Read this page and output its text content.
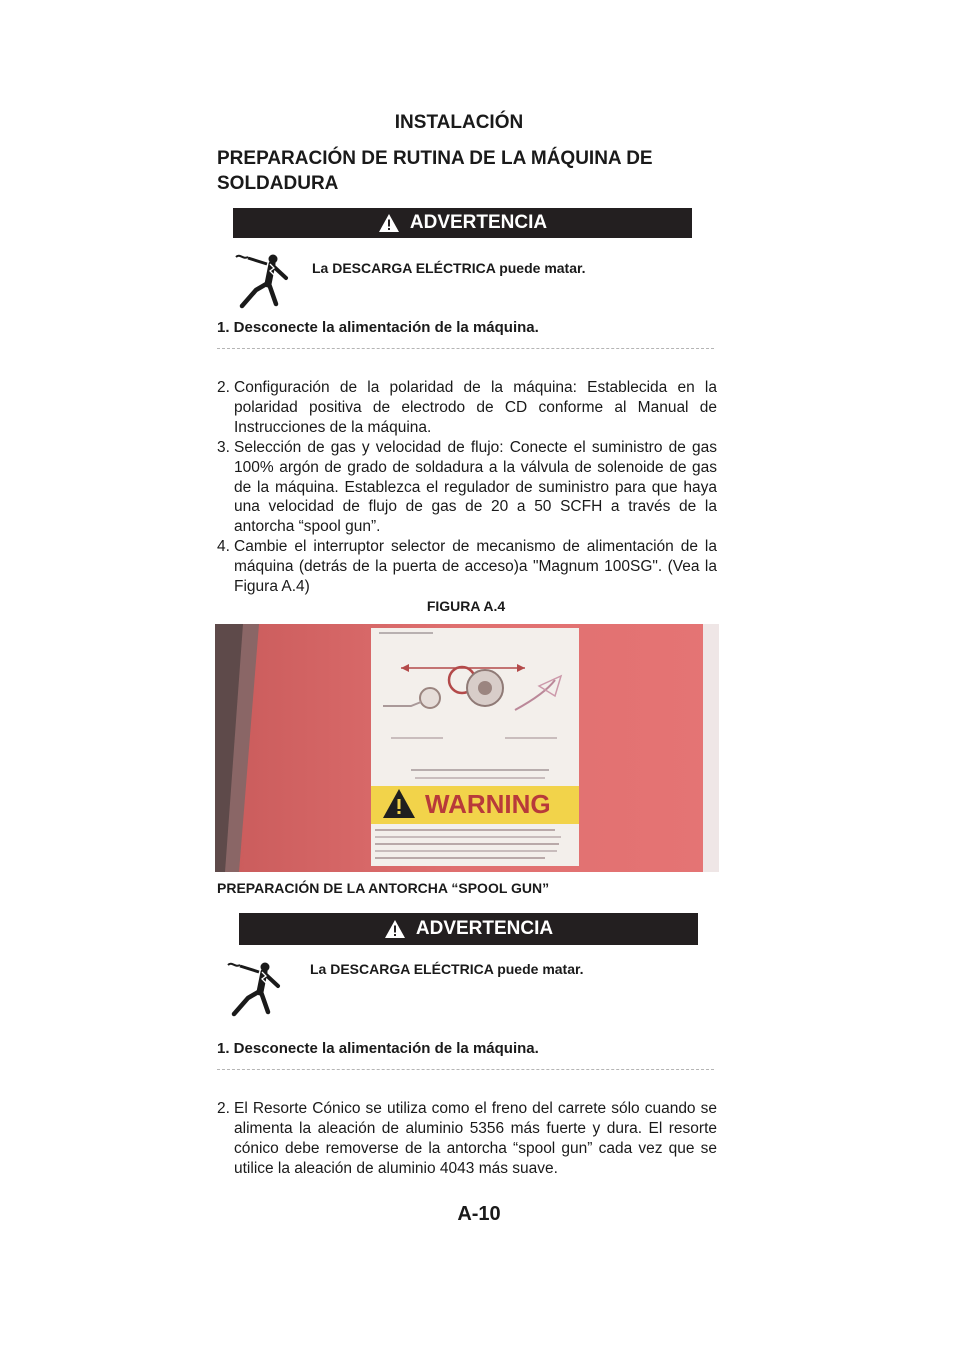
INSTALACIÓN
PREPARACIÓN DE RUTINA DE LA MÁQUINA DE SOLDADURA
ADVERTENCIA
La DESCARGA ELÉCTRICA puede matar.
1. Desconecte la alimentación de la máquina.
2. Configuración de la polaridad de la máquina: Establecida en la polaridad positiva de electrodo de CD conforme al Manual de Instrucciones de la máquina.
3. Selección de gas y velocidad de flujo: Conecte el suministro de gas 100% argón de grado de soldadura a la válvula de solenoide de gas de la máquina. Establezca el regulador de suministro para que haya una velocidad de flujo de gas de 20 a 50 SCFH a través de la antorcha “spool gun”.
4. Cambie el interruptor selector de mecanismo de alimentación de la máquina (detrás de la puerta de acceso)a "Magnum 100SG". (Vea la Figura A.4)
FIGURA A.4
WARNING
PREPARACIÓN DE LA ANTORCHA “SPOOL GUN”
ADVERTENCIA
La DESCARGA ELÉCTRICA puede matar.
1. Desconecte la alimentación de la máquina.
2. El Resorte Cónico se utiliza como el freno del carrete sólo cuando se alimenta la aleación de aluminio 5356 más fuerte y dura. El resorte cónico debe removerse de la antorcha “spool gun” cada vez que se utilice la aleación de aluminio 4043 más suave.
A-10
